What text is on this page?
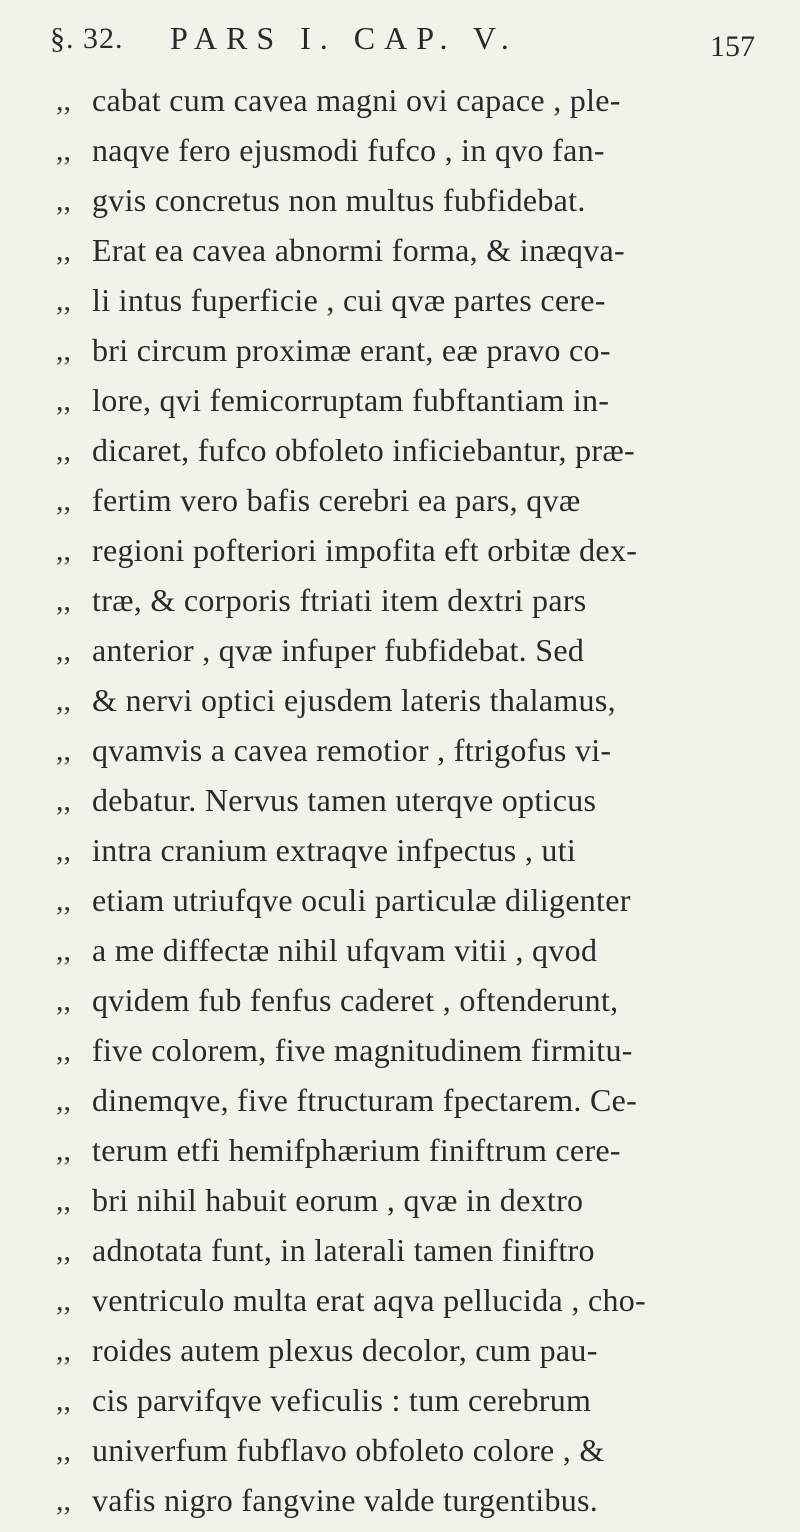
§. 32. PARS I. CAP. V.	157
,, cabat cum cavea magni ovi capace , ple-
,, naqve fero ejusmodi fufco , in qvo fan-
,, gvis concretus non multus fubfidebat.
,, Erat ea cavea abnormi forma, & inæqva-
,, li intus fuperficie , cui qvæ partes cere-
,, bri circum proximæ erant, eæ pravo co-
,, lore, qvi femicorruptam fubftantiam in-
,, dicaret, fufco obfoleto inficiebantur, præ-
,, fertim vero bafis cerebri ea pars, qvæ
,, regioni pofteriori impofita eft orbitæ dex-
,, træ, & corporis ftriati item dextri pars
,, anterior , qvæ infuper fubfidebat. Sed
,, & nervi optici ejusdem lateris thalamus,
,, qvamvis a cavea remotior , ftrigofus vi-
,, debatur. Nervus tamen uterqve opticus
,, intra cranium extraqve infpectus , uti
,, etiam utriufqve oculi particulæ diligenter
,, a me diffectæ nihil ufqvam vitii , qvod
,, qvidem fub fenfus caderet , oftenderunt,
,, five colorem, five magnitudinem firmitu-
,, dinemqve, five ftructuram fpectarem. Ce-
,, terum etfi hemifphærium finiftrum cere-
,, bri nihil habuit eorum , qvæ in dextro
,, adnotata funt, in laterali tamen finiftro
,, ventriculo multa erat aqva pellucida , cho-
,, roides autem plexus decolor, cum pau-
,, cis parvifqve veficulis : tum cerebrum
,, univerfum fubflavo obfoleto colore , &
,, vafis nigro fangvine valde turgentibus.
